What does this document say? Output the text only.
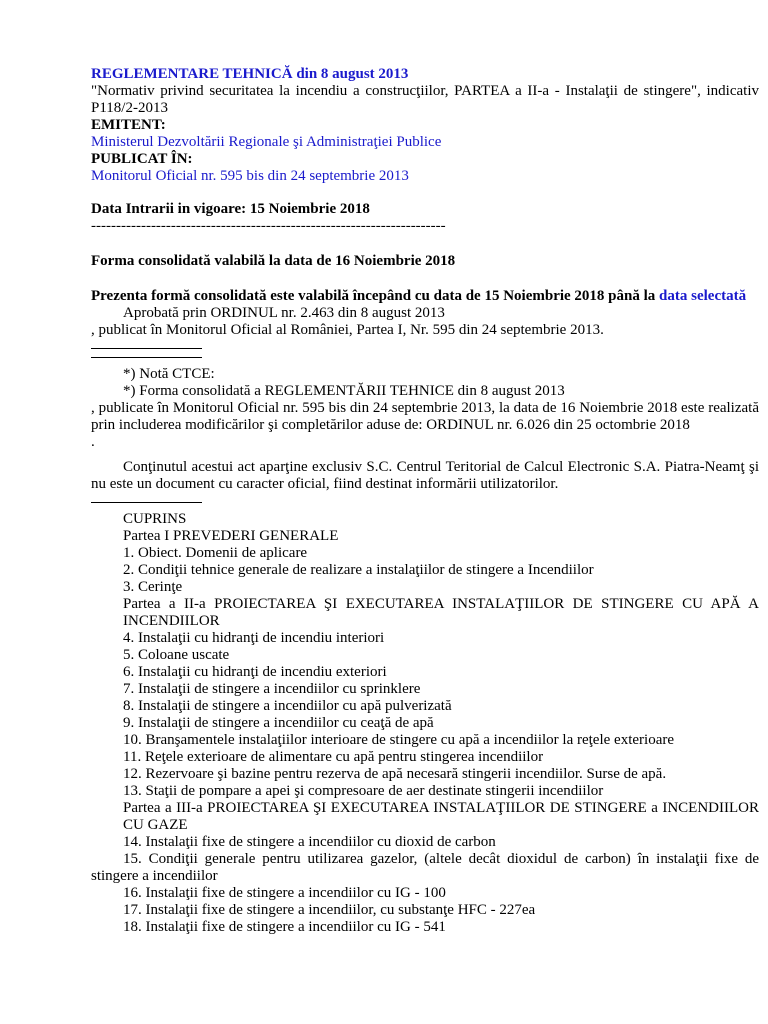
REGLEMENTARE TEHNICĂ din 8 august 2013
"Normativ privind securitatea la incendiu a construcţiilor, PARTEA a II-a - Instalaţii de stingere", indicativ P118/2-2013
EMITENT:
Ministerul Dezvoltării Regionale şi Administraţiei Publice
PUBLICAT ÎN:
Monitorul Oficial nr. 595 bis din 24 septembrie 2013
Data Intrarii in vigoare: 15 Noiembrie 2018
-----------------------------------------------------------------------
Forma consolidată valabilă la data de 16 Noiembrie 2018
Prezenta formă consolidată este valabilă începând cu data de 15 Noiembrie 2018 până la data selectată
Aprobată prin ORDINUL nr. 2.463 din 8 august 2013
, publicat în Monitorul Oficial al României, Partea I, Nr. 595 din 24 septembrie 2013.
*) Notă CTCE:
*) Forma consolidată a REGLEMENTĂRII TEHNICE din 8 august 2013
, publicate în Monitorul Oficial nr. 595 bis din 24 septembrie 2013, la data de 16 Noiembrie 2018 este realizată prin includerea modificărilor şi completărilor aduse de: ORDINUL nr. 6.026 din 25 octombrie 2018
.
Conţinutul acestui act aparţine exclusiv S.C. Centrul Teritorial de Calcul Electronic S.A. Piatra-Neamţ şi nu este un document cu caracter oficial, fiind destinat informării utilizatorilor.
CUPRINS
Partea I PREVEDERI GENERALE
1. Obiect. Domenii de aplicare
2. Condiţii tehnice generale de realizare a instalaţiilor de stingere a Incendiilor
3. Cerinţe
Partea a II-a PROIECTAREA ŞI EXECUTAREA INSTALAŢIILOR DE STINGERE CU APĂ A INCENDIILOR
4. Instalaţii cu hidranţi de incendiu interiori
5. Coloane uscate
6. Instalaţii cu hidranţi de incendiu exteriori
7. Instalaţii de stingere a incendiilor cu sprinklere
8. Instalaţii de stingere a incendiilor cu apă pulverizată
9. Instalaţii de stingere a incendiilor cu ceaţă de apă
10. Branşamentele instalaţiilor interioare de stingere cu apă a incendiilor la reţele exterioare
11. Reţele exterioare de alimentare cu apă pentru stingerea incendiilor
12. Rezervoare şi bazine pentru rezerva de apă necesară stingerii incendiilor. Surse de apă.
13. Staţii de pompare a apei şi compresoare de aer destinate stingerii incendiilor
Partea a III-a PROIECTAREA ŞI EXECUTAREA INSTALAŢIILOR DE STINGERE a INCENDIILOR CU GAZE
14. Instalaţii fixe de stingere a incendiilor cu dioxid de carbon
15. Condiţii generale pentru utilizarea gazelor, (altele decât dioxidul de carbon) în instalaţii fixe de stingere a incendiilor
16. Instalaţii fixe de stingere a incendiilor cu IG - 100
17. Instalaţii fixe de stingere a incendiilor, cu substanţe HFC - 227ea
18. Instalaţii fixe de stingere a incendiilor cu IG - 541
